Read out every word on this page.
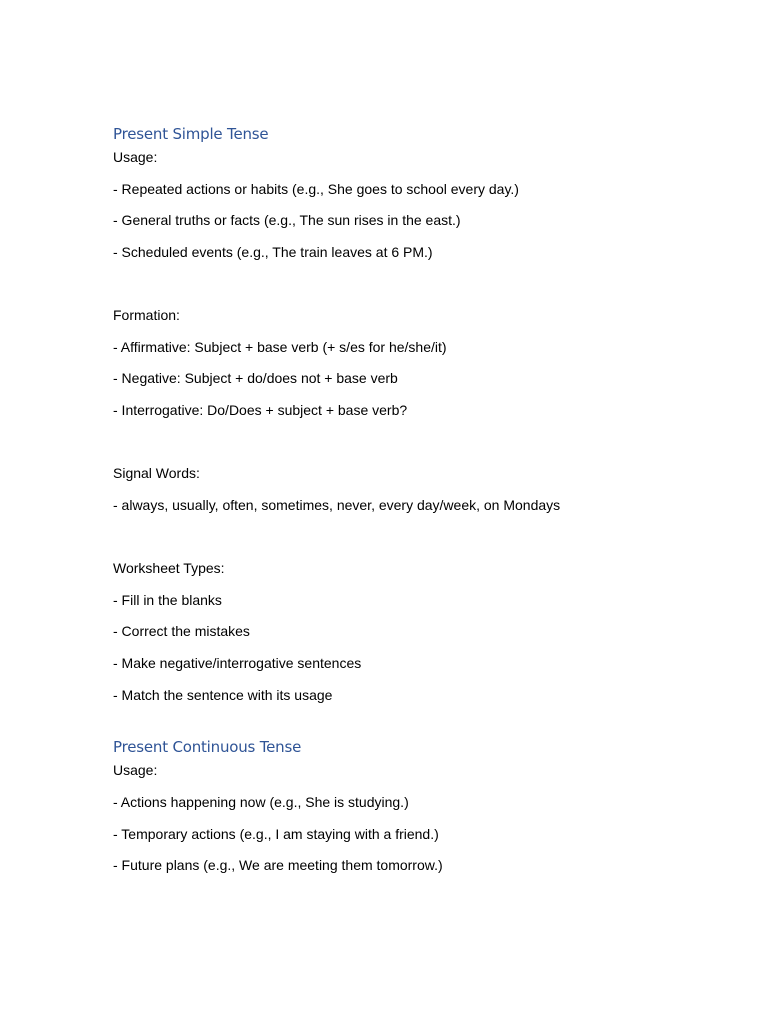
Present Simple Tense
Usage:
- Repeated actions or habits (e.g., She goes to school every day.)
- General truths or facts (e.g., The sun rises in the east.)
- Scheduled events (e.g., The train leaves at 6 PM.)
Formation:
- Affirmative: Subject + base verb (+ s/es for he/she/it)
- Negative: Subject + do/does not + base verb
- Interrogative: Do/Does + subject + base verb?
Signal Words:
- always, usually, often, sometimes, never, every day/week, on Mondays
Worksheet Types:
- Fill in the blanks
- Correct the mistakes
- Make negative/interrogative sentences
- Match the sentence with its usage
Present Continuous Tense
Usage:
- Actions happening now (e.g., She is studying.)
- Temporary actions (e.g., I am staying with a friend.)
- Future plans (e.g., We are meeting them tomorrow.)
